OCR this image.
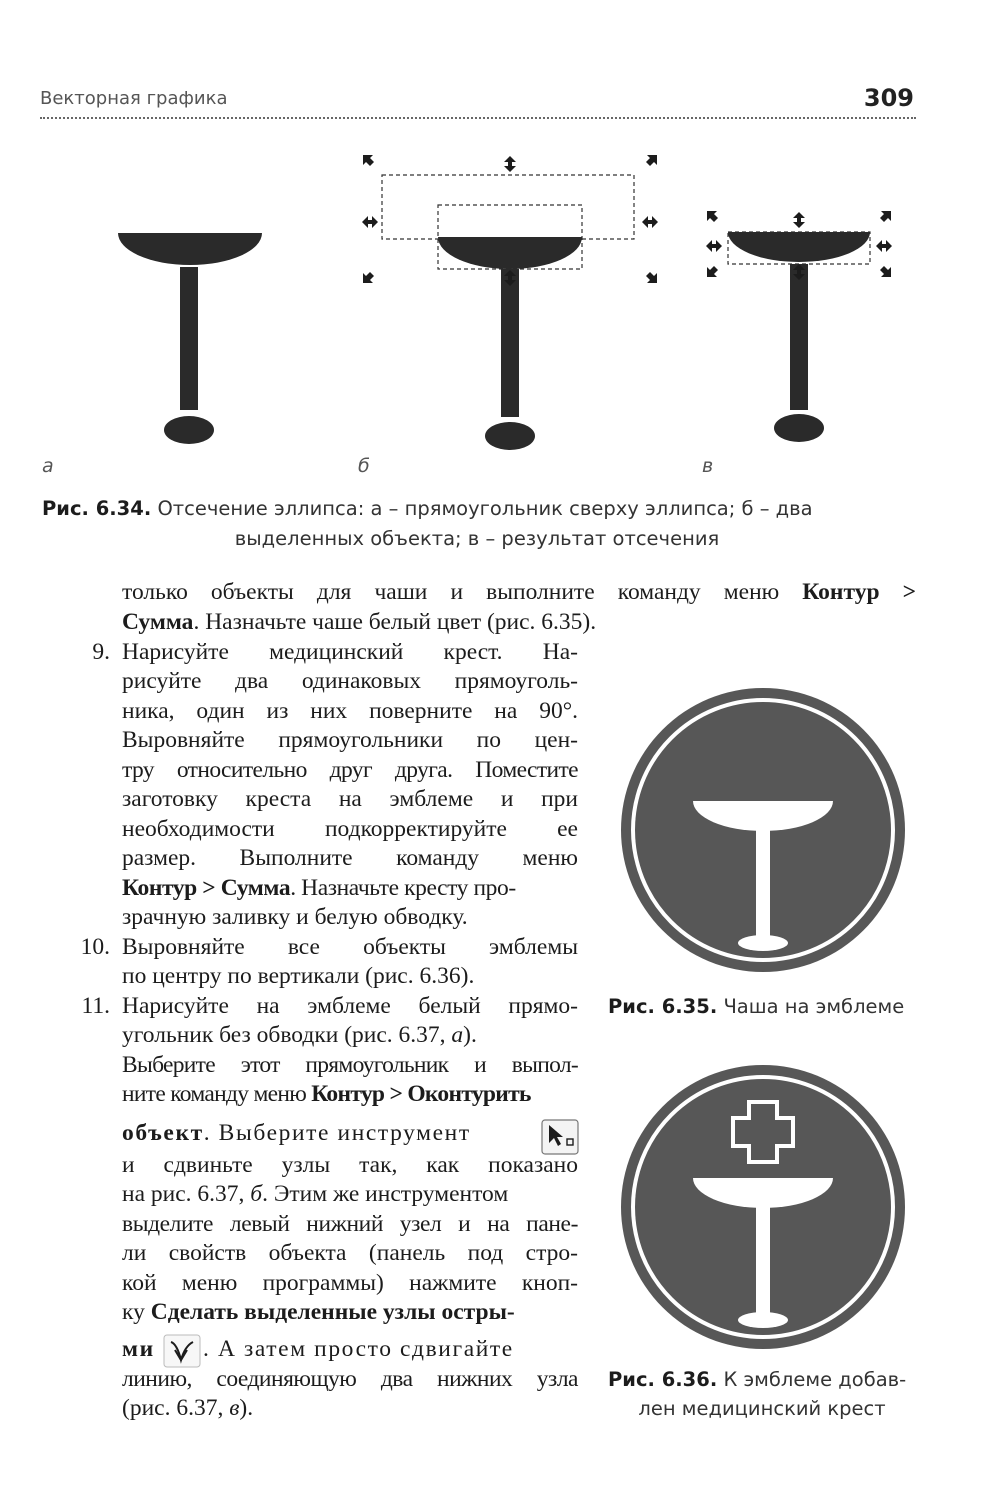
Векторная графика	309
а	б	в
Рис. 6.34. Отсечение эллипса: а – прямоугольник сверху эллипса; б – два
выделенных объекта; в – результат отсечения
только объекты для чаши и выполните команду меню Контур >
Сумма. Назначьте чаше белый цвет (рис. 6.35).
9. Нарисуйте медицинский крест. На-
рисуйте два одинаковых прямоуголь-
ника, один из них поверните на 90°.
Выровняйте прямоугольники по цен-
тру относительно друг друга. Поместите
заготовку креста на эмблеме и при
необходимости подкорректируйте ее
размер. Выполните команду меню
Контур > Сумма. Назначьте кресту про-
зрачную заливку и белую обводку.
10. Выровняйте все объекты эмблемы
по центру по вертикали (рис. 6.36).
11. Нарисуйте на эмблеме белый прямо-
угольник без обводки (рис. 6.37, а).
Выберите этот прямоугольник и выпол-
ните команду меню Контур > Оконтурить
объект. Выберите инструмент
и сдвиньте узлы так, как показано
на рис. 6.37, б. Этим же инструментом
выделите левый нижний узел и на пане-
ли свойств объекта (панель под стро-
кой меню программы) нажмите кноп-
ку Сделать выделенные узлы остры-
ми . А затем просто сдвигайте
линию, соединяющую два нижних узла
(рис. 6.37, в).
Рис. 6.35. Чаша на эмблеме
Рис. 6.36. К эмблеме добав-
лен медицинский крест
